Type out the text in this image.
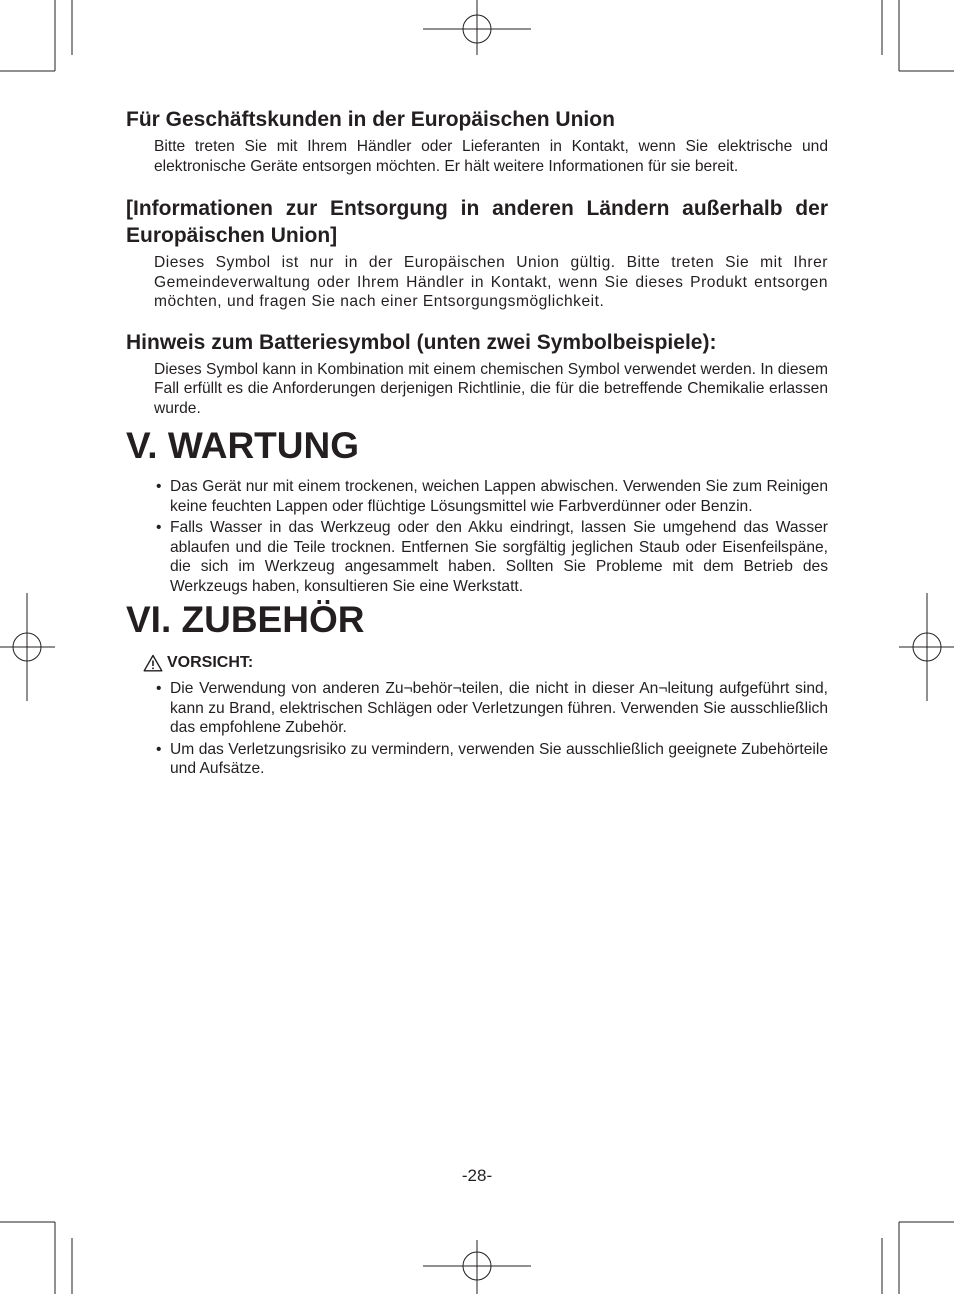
Für Geschäftskunden in der Europäischen Union

Bitte treten Sie mit Ihrem Händler oder Lieferanten in Kontakt, wenn Sie elektrische und elektronische Geräte entsorgen möchten. Er hält weitere Informationen für sie bereit.

[Informationen zur Entsorgung in anderen Ländern außerhalb der Europäischen Union]

Dieses Symbol ist nur in der Europäischen Union gültig. Bitte treten Sie mit Ihrer Gemeindeverwaltung oder Ihrem Händler in Kontakt, wenn Sie dieses Produkt entsorgen möchten, und fragen Sie nach einer Entsorgungsmöglichkeit.

Hinweis zum Batteriesymbol (unten zwei Symbolbeispiele):

Dieses Symbol kann in Kombination mit einem chemischen Symbol verwendet werden. In diesem Fall erfüllt es die Anforderungen derjenigen Richtlinie, die für die betreffende Chemikalie erlassen wurde.

V. WARTUNG
• Das Gerät nur mit einem trockenen, weichen Lappen abwischen. Verwenden Sie zum Reinigen keine feuchten Lappen oder flüchtige Lösungsmittel wie Farbverdünner oder Benzin.
• Falls Wasser in das Werkzeug oder den Akku eindringt, lassen Sie umgehend das Wasser ablaufen und die Teile trocknen. Entfernen Sie sorgfältig jeglichen Staub oder Eisenfeilspäne, die sich im Werkzeug angesammelt haben. Sollten Sie Probleme mit dem Betrieb des Werkzeugs haben, konsultieren Sie eine Werkstatt.
VI. ZUBEHÖR
VORSICHT:
• Die Verwendung von anderen Zu¬behör¬teilen, die nicht in dieser An¬leitung aufgeführt sind, kann zu Brand, elektrischen Schlägen oder Verletzungen führen. Verwenden Sie ausschließlich das empfohlene Zubehör.
• Um das Verletzungsrisiko zu vermindern, verwenden Sie ausschließlich geeignete Zubehörteile und Aufsätze.
-28-
